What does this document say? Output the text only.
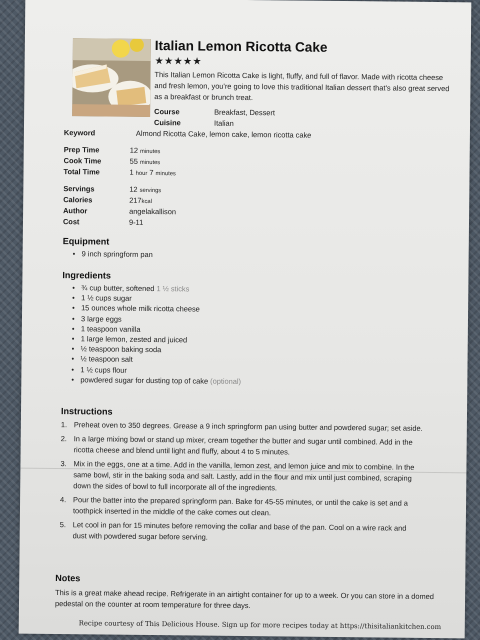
Italian Lemon Ricotta Cake
★★★★★
This Italian Lemon Ricotta Cake is light, fluffy, and full of flavor. Made with ricotta cheese and fresh lemon, you're going to love this traditional Italian dessert that's also great served as a breakfast or brunch treat.
Course	Breakfast, Dessert
Cuisine	Italian
Keyword	Almond Ricotta Cake, lemon cake, lemon ricotta cake
Prep Time	12 minutes
Cook Time	55 minutes
Total Time	1 hour 7 minutes
Servings	12 servings
Calories	217kcal
Author	angelakallison
Cost	9-11
Equipment
• 9 inch springform pan
Ingredients
• ¾ cup butter, softened 1 ½ sticks
• 1 ½ cups sugar
• 15 ounces whole milk ricotta cheese
• 3 large eggs
• 1 teaspoon vanilla
• 1 large lemon, zested and juiced
• ½ teaspoon baking soda
• ½ teaspoon salt
• 1 ½ cups flour
• powdered sugar for dusting top of cake (optional)
Instructions
1. Preheat oven to 350 degrees. Grease a 9 inch springform pan using butter and powdered sugar; set aside.
2. In a large mixing bowl or stand up mixer, cream together the butter and sugar until combined. Add in the ricotta cheese and blend until light and fluffy, about 4 to 5 minutes.
3. Mix in the eggs, one at a time. Add in the vanilla, lemon zest, and lemon juice and mix to combine. In the same bowl, stir in the baking soda and salt. Lastly, add in the flour and mix until just combined, scraping down the sides of bowl to full incorporate all of the ingredients.
4. Pour the batter into the prepared springform pan. Bake for 45-55 minutes, or until the cake is set and a toothpick inserted in the middle of the cake comes out clean.
5. Let cool in pan for 15 minutes before removing the collar and base of the pan. Cool on a wire rack and dust with powdered sugar before serving.
Notes
This is a great make ahead recipe. Refrigerate in an airtight container for up to a week. Or you can store in a domed pedestal on the counter at room temperature for three days.
Recipe courtesy of This Delicious House. Sign up for more recipes today at https://thisitaliankitchen.com
